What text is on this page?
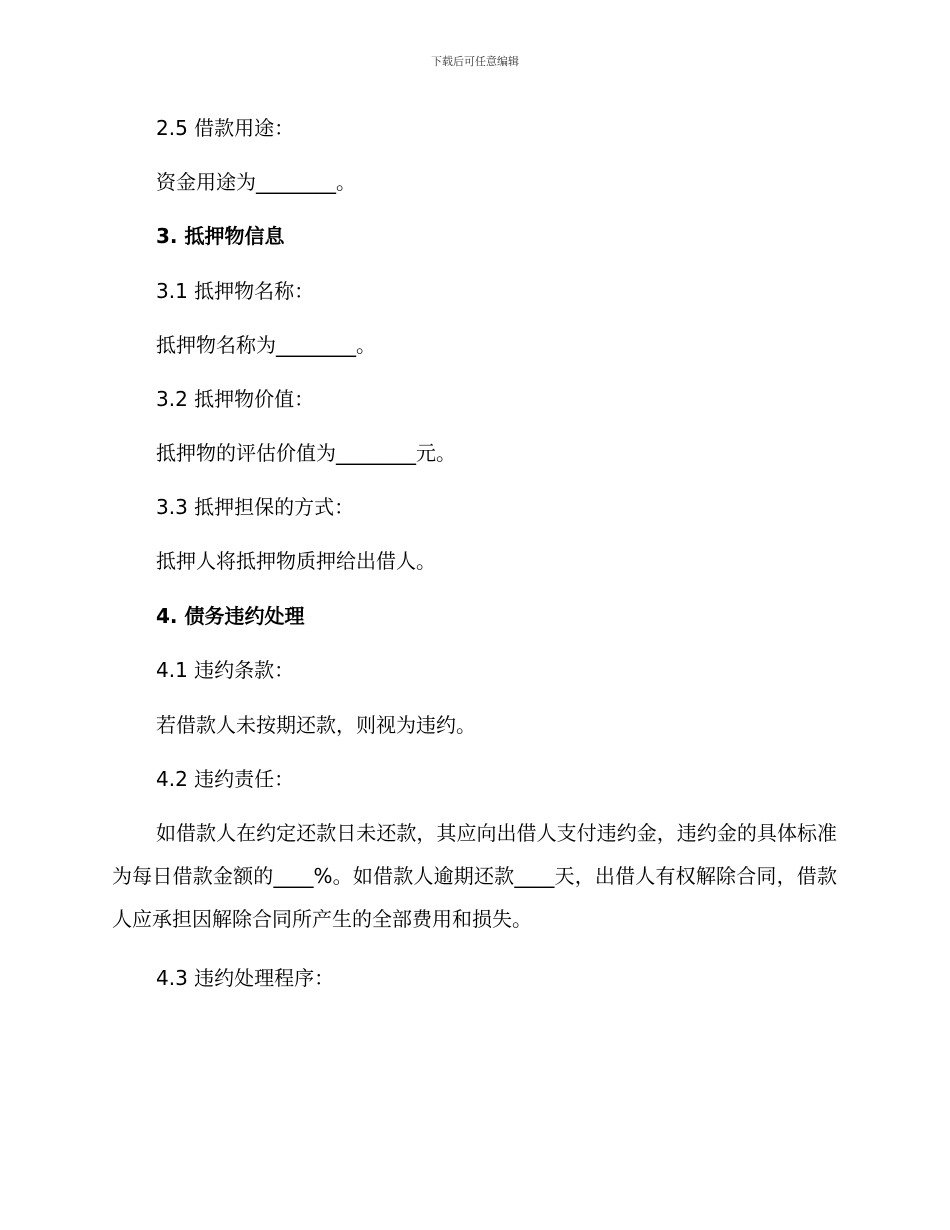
下载后可任意编辑
2.5 借款用途：
资金用途为________。
3. 抵押物信息
3.1 抵押物名称：
抵押物名称为________。
3.2 抵押物价值：
抵押物的评估价值为________元。
3.3 抵押担保的方式：
抵押人将抵押物质押给出借人。
4. 债务违约处理
4.1 违约条款：
若借款人未按期还款，则视为违约。
4.2 违约责任：
如借款人在约定还款日未还款，其应向出借人支付违约金，违约金的具体标准为每日借款金额的____%。如借款人逾期还款____天，出借人有权解除合同，借款人应承担因解除合同所产生的全部费用和损失。
4.3 违约处理程序：
